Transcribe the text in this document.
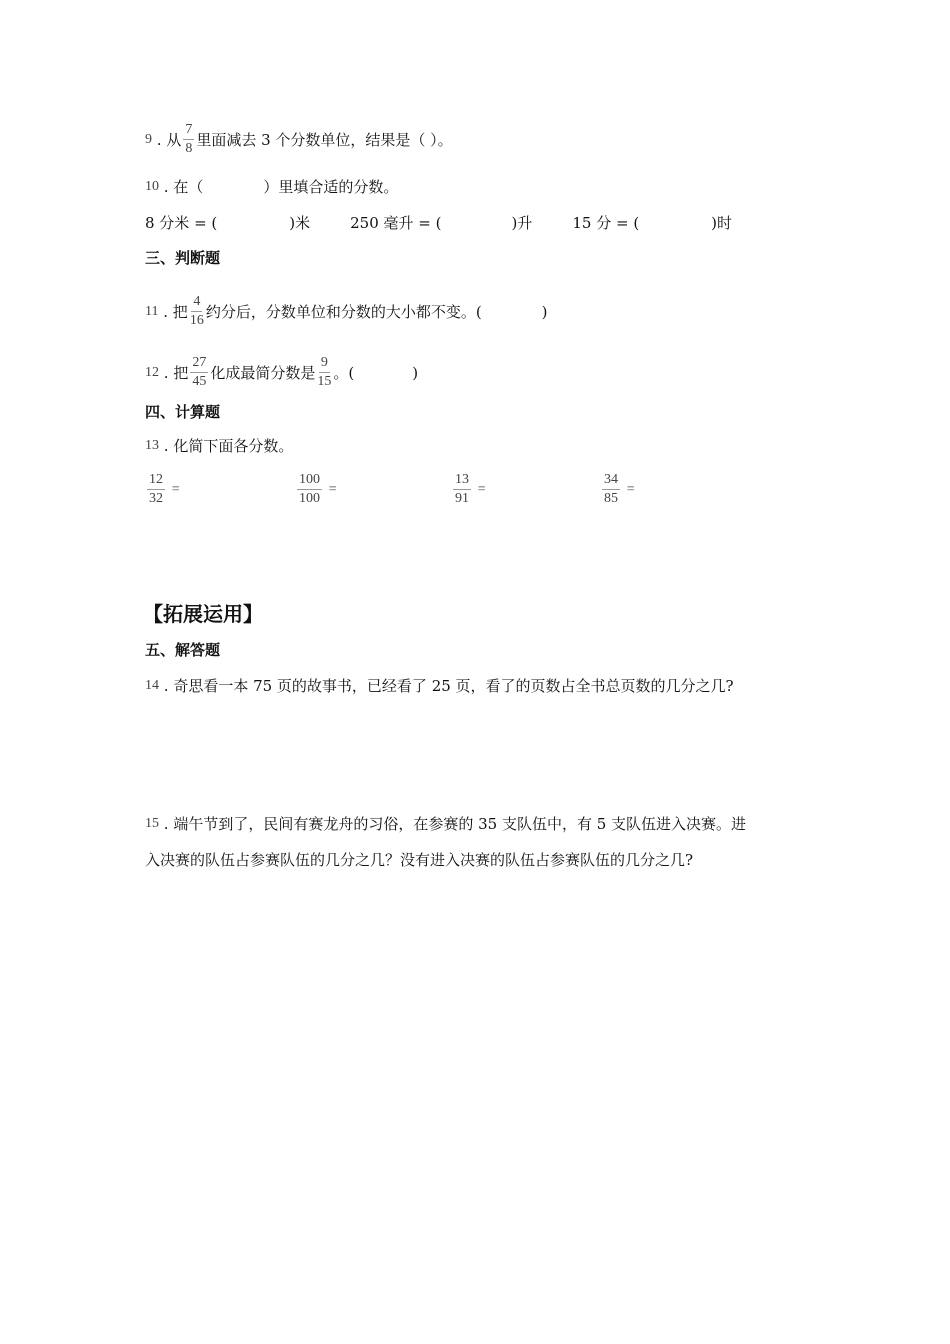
9 . 从 $\frac{7}{8}$ 里面减去 3 个分数单位，结果是（ ）。
10 . 在（	）里填合适的分数。
8 分米 = (	)米	250 毫升 = (	)升	15 分 = (	)时
三、判断题
11 . 把 $\frac{4}{16}$ 约分后，分数单位和分数的大小都不变。(	)
12 . 把 $\frac{27}{45}$ 化成最简分数是 $\frac{9}{15}$ 。(	)
四、计算题
13 . 化简下面各分数。
$\frac{12}{32}$
=	$\frac{100}{100}$
=	$\frac{13}{91}$
=	$\frac{34}{85}$
=
【拓展运用】
五、解答题
14 . 奇思看一本 75 页的故事书，已经看了 25 页，看了的页数占全书总页数的几分之几?
15 . 端午节到了，民间有赛龙舟的习俗，在参赛的 35 支队伍中，有 5 支队伍进入决赛。进
入决赛的队伍占参赛队伍的几分之几？没有进入决赛的队伍占参赛队伍的几分之几?
